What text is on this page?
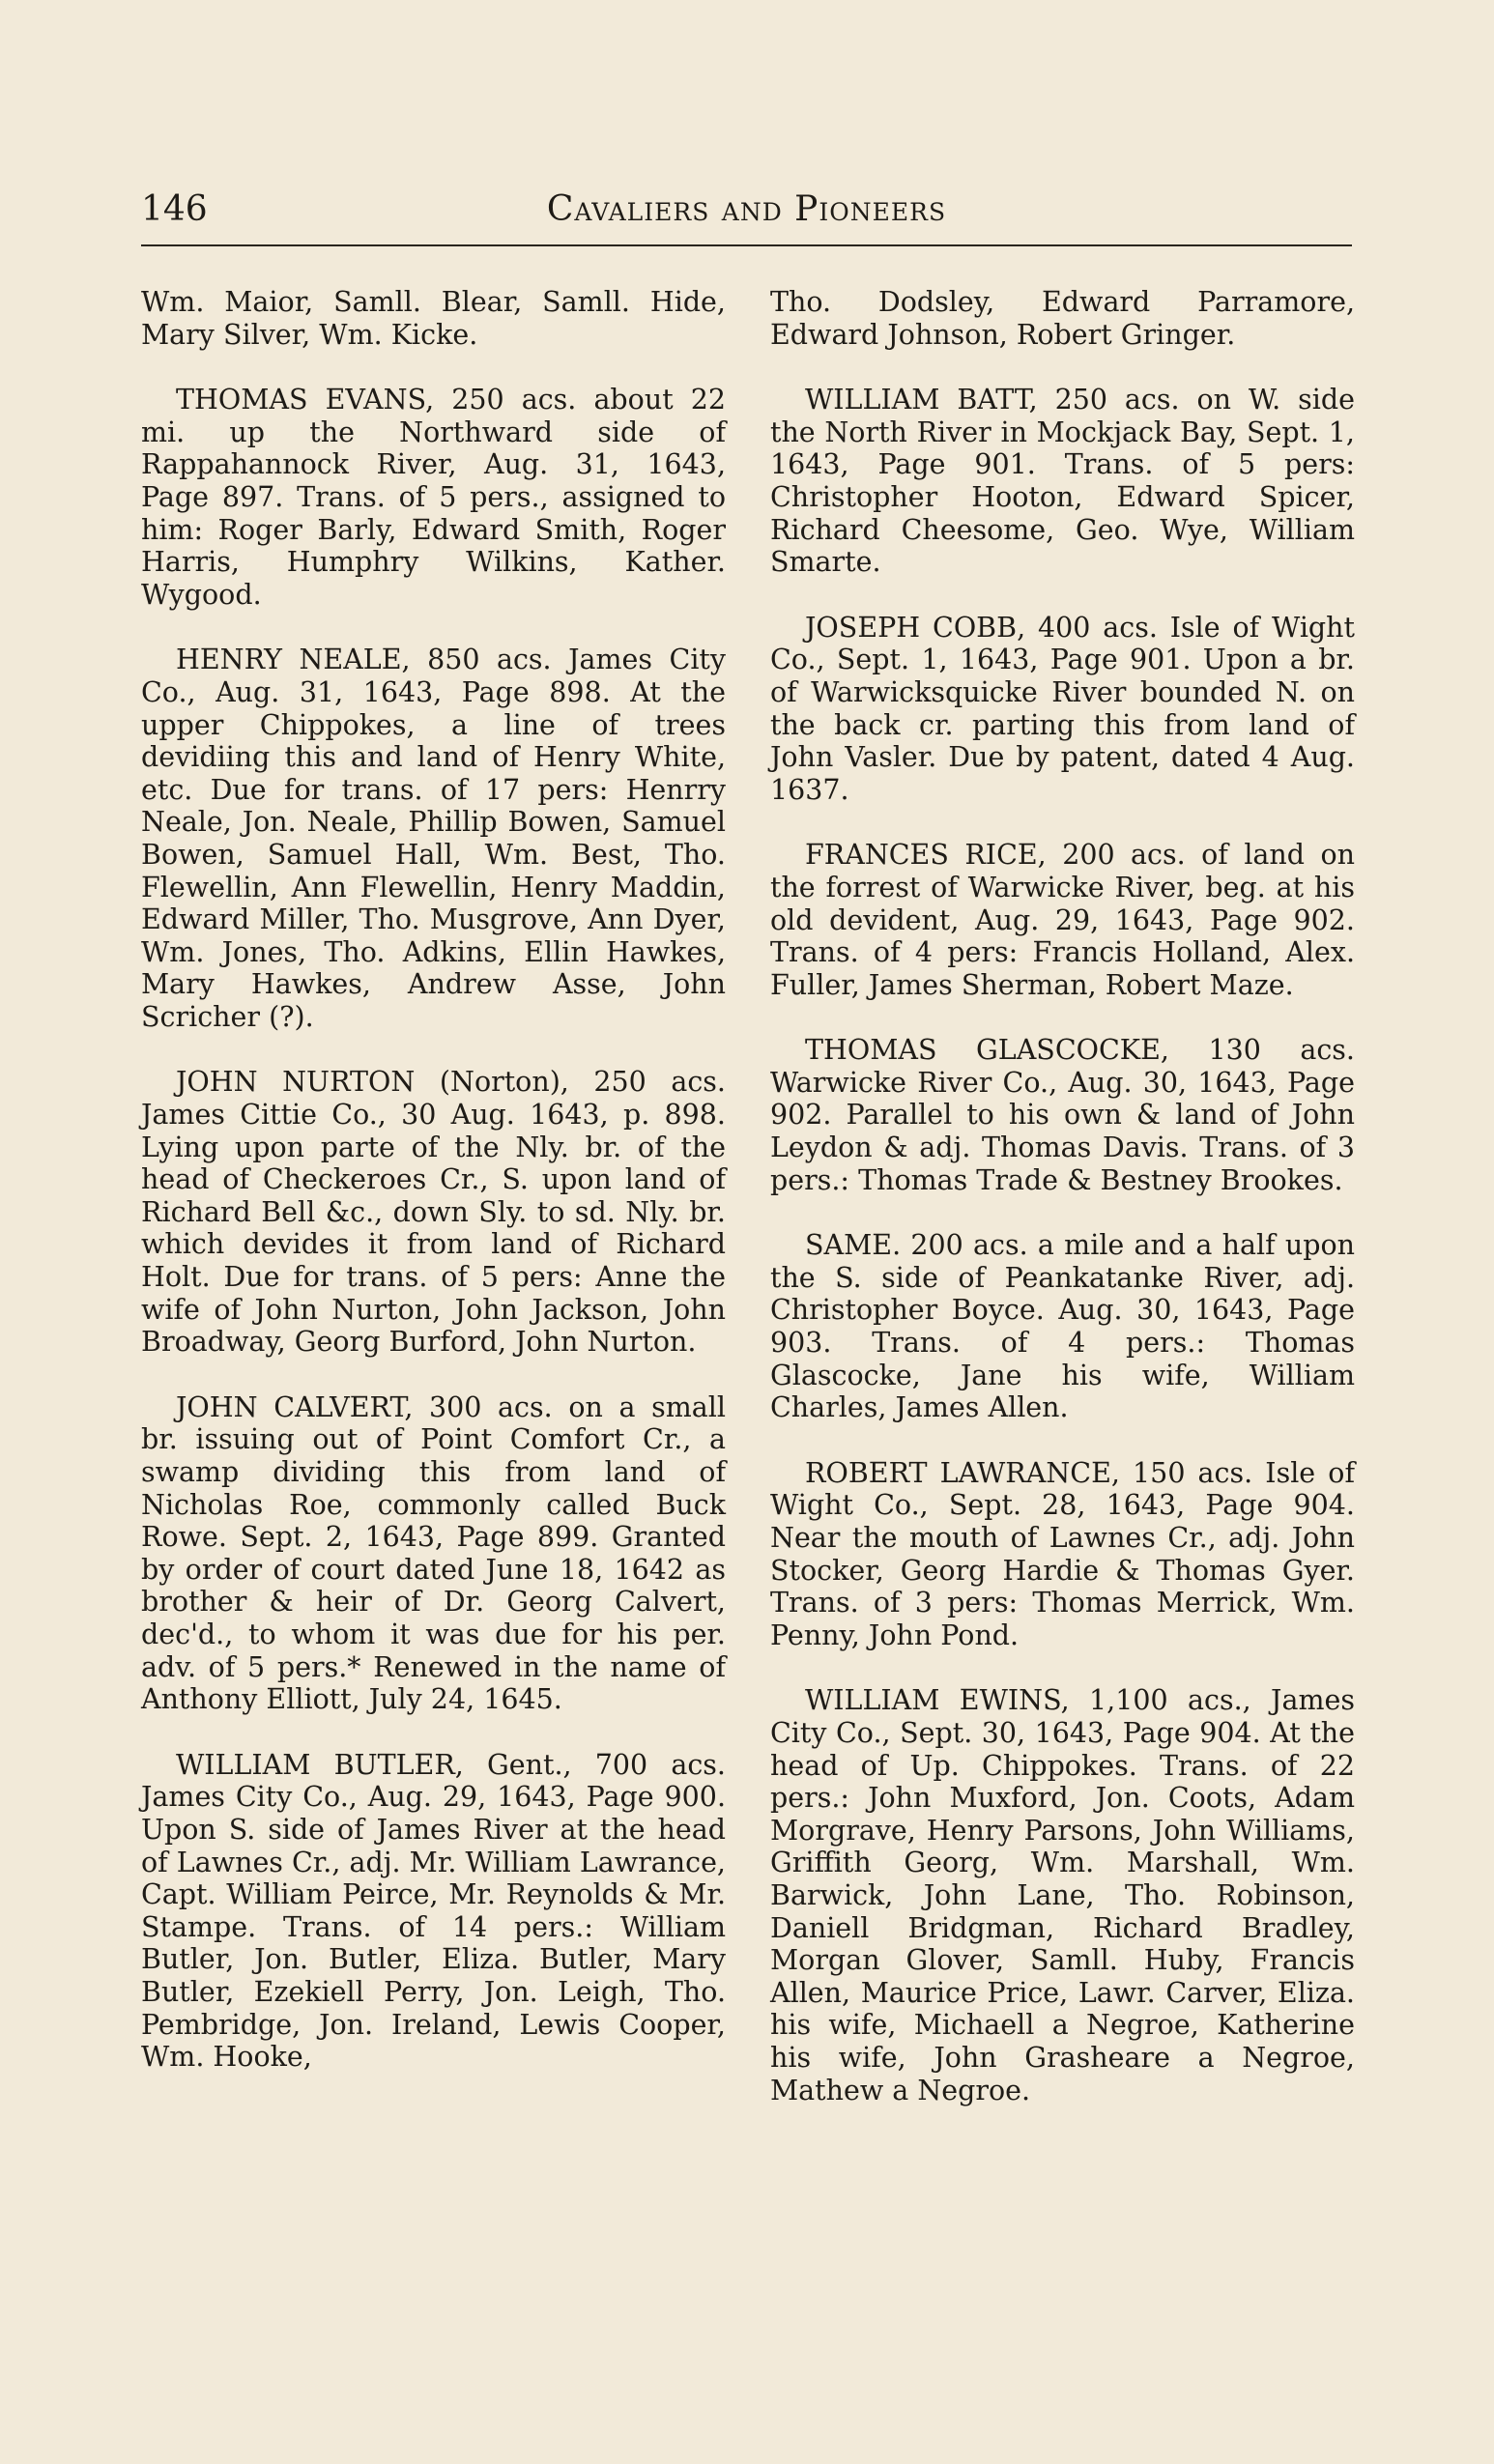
146	Cavaliers and Pioneers

Wm. Maior, Samll. Blear, Samll. Hide, Mary Silver, Wm. Kicke.

THOMAS EVANS, 250 acs. about 22 mi. up the Northward side of Rappahannock River, Aug. 31, 1643, Page 897. Trans. of 5 pers., assigned to him: Roger Barly, Edward Smith, Roger Harris, Humphry Wilkins, Kather. Wygood.

HENRY NEALE, 850 acs. James City Co., Aug. 31, 1643, Page 898. At the upper Chippokes, a line of trees devidiing this and land of Henry White, etc. Due for trans. of 17 pers: Henrry Neale, Jon. Neale, Phillip Bowen, Samuel Bowen, Samuel Hall, Wm. Best, Tho. Flewellin, Ann Flewellin, Henry Maddin, Edward Miller, Tho. Musgrove, Ann Dyer, Wm. Jones, Tho. Adkins, Ellin Hawkes, Mary Hawkes, Andrew Asse, John Scricher (?).

JOHN NURTON (Norton), 250 acs. James Cittie Co., 30 Aug. 1643, p. 898. Lying upon parte of the Nly. br. of the head of Checkeroes Cr., S. upon land of Richard Bell &c., down Sly. to sd. Nly. br. which devides it from land of Richard Holt. Due for trans. of 5 pers: Anne the wife of John Nurton, John Jackson, John Broadway, Georg Burford, John Nurton.

JOHN CALVERT, 300 acs. on a small br. issuing out of Point Comfort Cr., a swamp dividing this from land of Nicholas Roe, commonly called Buck Rowe. Sept. 2, 1643, Page 899. Granted by order of court dated June 18, 1642 as brother & heir of Dr. Georg Calvert, dec'd., to whom it was due for his per. adv. of 5 pers.* Renewed in the name of Anthony Elliott, July 24, 1645.

WILLIAM BUTLER, Gent., 700 acs. James City Co., Aug. 29, 1643, Page 900. Upon S. side of James River at the head of Lawnes Cr., adj. Mr. William Lawrance, Capt. William Peirce, Mr. Reynolds & Mr. Stampe. Trans. of 14 pers.: William Butler, Jon. Butler, Eliza. Butler, Mary Butler, Ezekiell Perry, Jon. Leigh, Tho. Pembridge, Jon. Ireland, Lewis Cooper, Wm. Hooke,

Tho. Dodsley, Edward Parramore, Edward Johnson, Robert Gringer.

WILLIAM BATT, 250 acs. on W. side the North River in Mockjack Bay, Sept. 1, 1643, Page 901. Trans. of 5 pers: Christopher Hooton, Edward Spicer, Richard Cheesome, Geo. Wye, William Smarte.

JOSEPH COBB, 400 acs. Isle of Wight Co., Sept. 1, 1643, Page 901. Upon a br. of Warwicksquicke River bounded N. on the back cr. parting this from land of John Vasler. Due by patent, dated 4 Aug. 1637.

FRANCES RICE, 200 acs. of land on the forrest of Warwicke River, beg. at his old devident, Aug. 29, 1643, Page 902. Trans. of 4 pers: Francis Holland, Alex. Fuller, James Sherman, Robert Maze.

THOMAS GLASCOCKE, 130 acs. Warwicke River Co., Aug. 30, 1643, Page 902. Parallel to his own & land of John Leydon & adj. Thomas Davis. Trans. of 3 pers.: Thomas Trade & Bestney Brookes.

SAME. 200 acs. a mile and a half upon the S. side of Peankatanke River, adj. Christopher Boyce. Aug. 30, 1643, Page 903. Trans. of 4 pers.: Thomas Glascocke, Jane his wife, William Charles, James Allen.

ROBERT LAWRANCE, 150 acs. Isle of Wight Co., Sept. 28, 1643, Page 904. Near the mouth of Lawnes Cr., adj. John Stocker, Georg Hardie & Thomas Gyer. Trans. of 3 pers: Thomas Merrick, Wm. Penny, John Pond.

WILLIAM EWINS, 1,100 acs., James City Co., Sept. 30, 1643, Page 904. At the head of Up. Chippokes. Trans. of 22 pers.: John Muxford, Jon. Coots, Adam Morgrave, Henry Parsons, John Williams, Griffith Georg, Wm. Marshall, Wm. Barwick, John Lane, Tho. Robinson, Daniell Bridgman, Richard Bradley, Morgan Glover, Samll. Huby, Francis Allen, Maurice Price, Lawr. Carver, Eliza. his wife, Michaell a Negroe, Katherine his wife, John Grasheare a Negroe, Mathew a Negroe.
